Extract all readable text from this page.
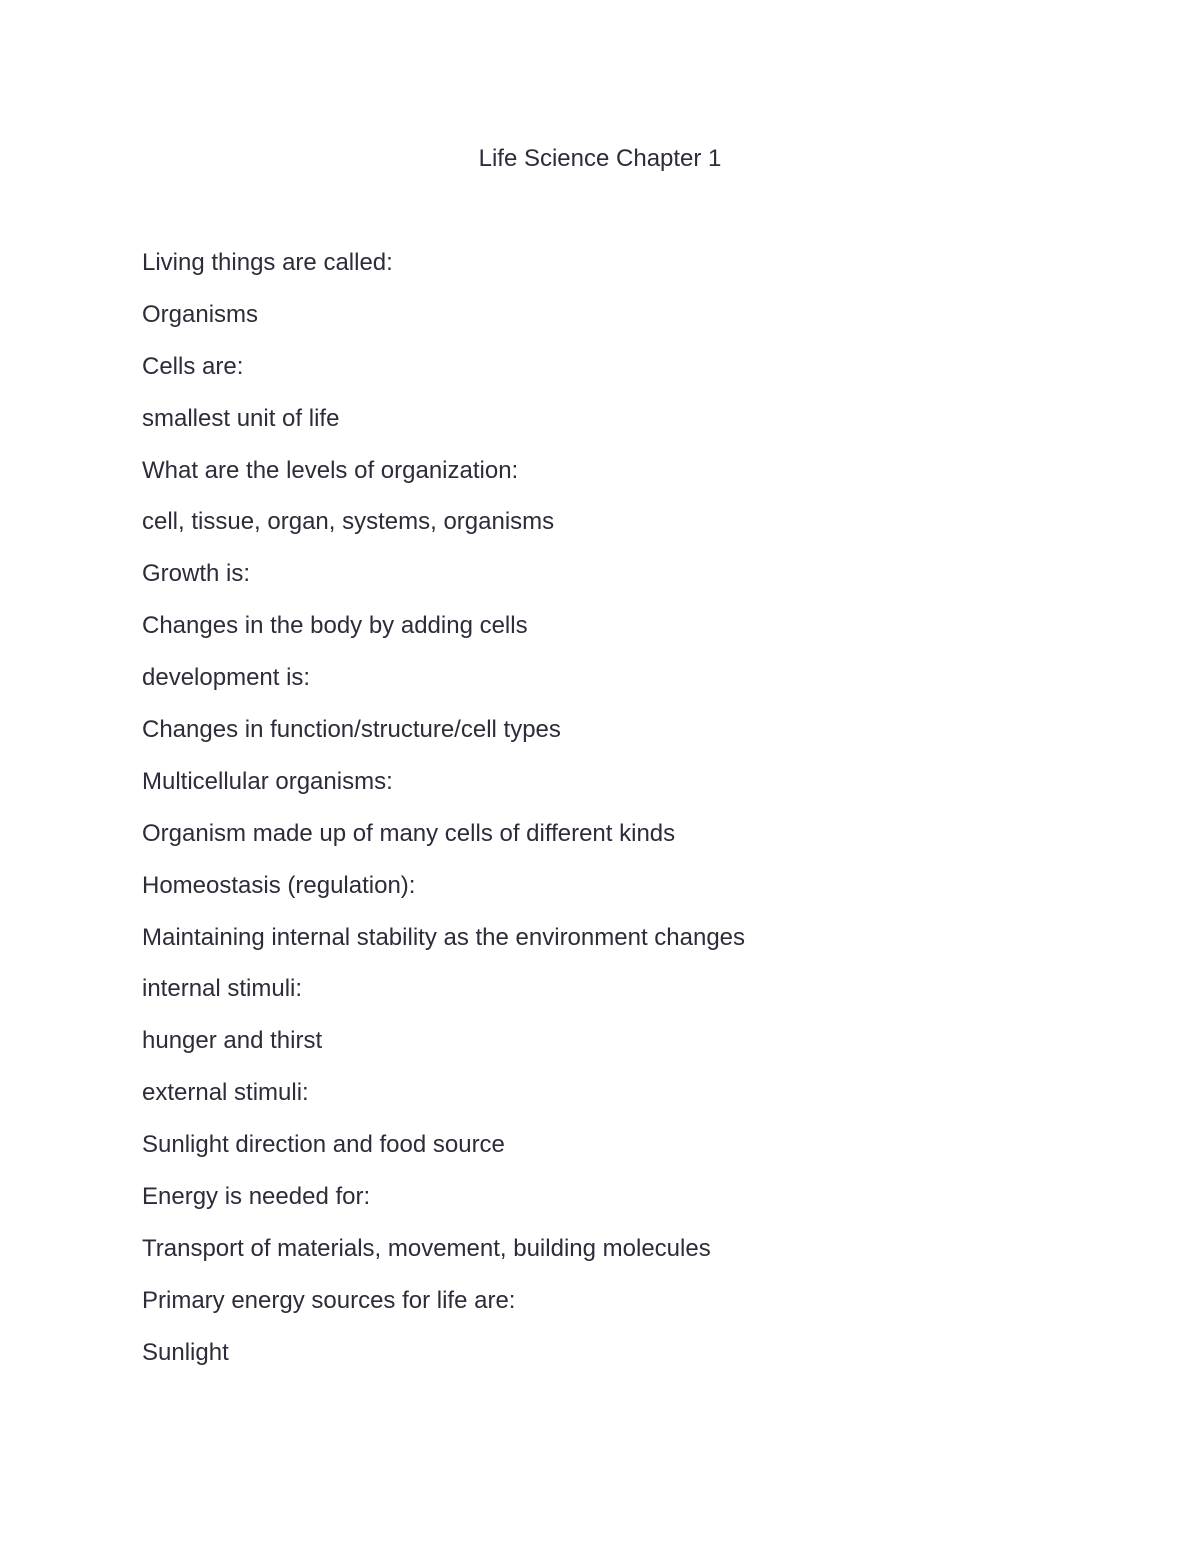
Life Science Chapter 1
Living things are called:
Organisms
Cells are:
smallest unit of life
What are the levels of organization:
cell, tissue, organ, systems, organisms
Growth is:
Changes in the body by adding cells
development is:
Changes in function/structure/cell types
Multicellular organisms:
Organism made up of many cells of different kinds
Homeostasis (regulation):
Maintaining internal stability as the environment changes
internal stimuli:
hunger and thirst
external stimuli:
Sunlight direction and food source
Energy is needed for:
Transport of materials, movement, building molecules
Primary energy sources for life are:
Sunlight
